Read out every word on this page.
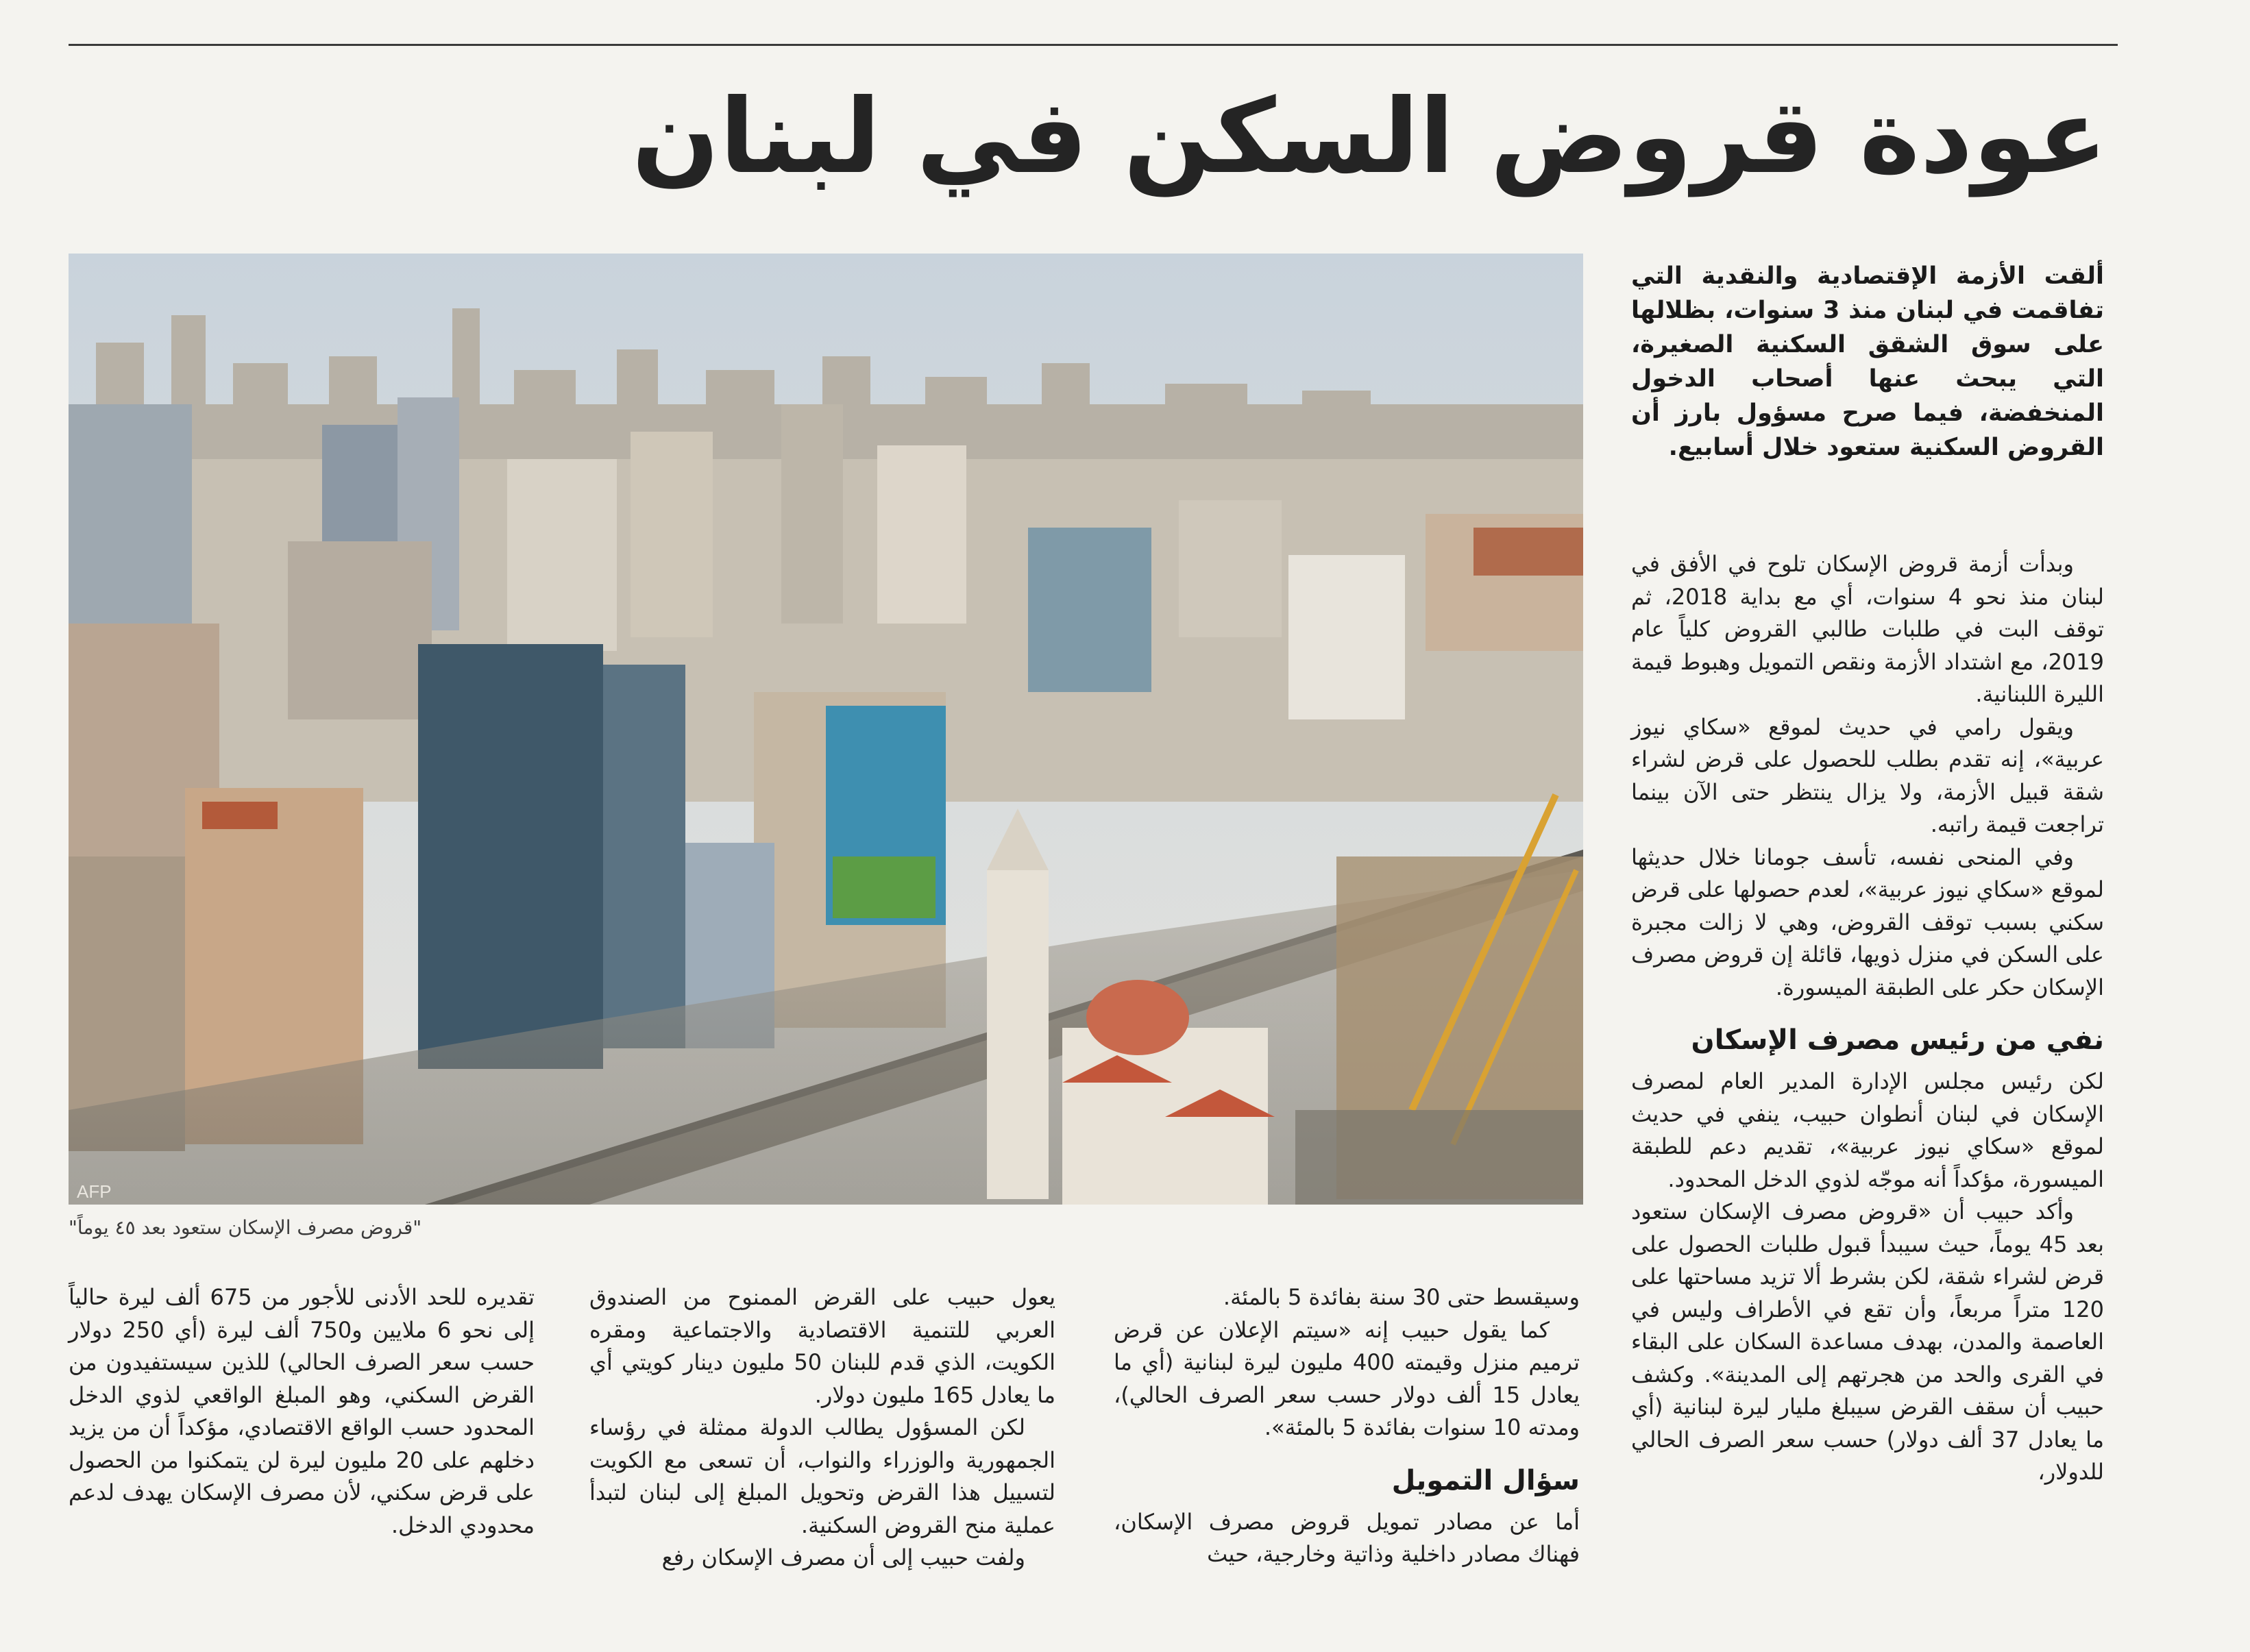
عودة قروض السكن في لبنان
AFP
"قروض مصرف الإسكان ستعود بعد ٤٥ يوماً"

ألقت الأزمة الإقتصادية والنقدية التي تفاقمت في لبنان منذ 3 سنوات، بظلالها على سوق الشقق السكنية الصغيرة، التي يبحث عنها أصحاب الدخول المنخفضة، فيما صرح مسؤول بارز أن القروض السكنية ستعود خلال أسابيع.

وبدأت أزمة قروض الإسكان تلوح في الأفق في لبنان منذ نحو 4 سنوات، أي مع بداية 2018، ثم توقف البت في طلبات طالبي القروض كلياً عام 2019، مع اشتداد الأزمة ونقص التمويل وهبوط قيمة الليرة اللبنانية.

ويقول رامي في حديث لموقع «سكاي نيوز عربية»، إنه تقدم بطلب للحصول على قرض لشراء شقة قبيل الأزمة، ولا يزال ينتظر حتى الآن بينما تراجعت قيمة راتبه.

وفي المنحى نفسه، تأسف جومانا خلال حديثها لموقع «سكاي نيوز عربية»، لعدم حصولها على قرض سكني بسبب توقف القروض، وهي لا زالت مجبرة على السكن في منزل ذويها، قائلة إن قروض مصرف الإسكان حكر على الطبقة الميسورة.

نفي من رئيس مصرف الإسكان

لكن رئيس مجلس الإدارة المدير العام لمصرف الإسكان في لبنان أنطوان حبيب، ينفي في حديث لموقع «سكاي نيوز عربية»، تقديم دعم للطبقة الميسورة، مؤكداً أنه موجّه لذوي الدخل المحدود.

وأكد حبيب أن «قروض مصرف الإسكان ستعود بعد 45 يوماً، حيث سيبدأ قبول طلبات الحصول على قرض لشراء شقة، لكن بشرط ألا تزيد مساحتها على 120 متراً مربعاً، وأن تقع في الأطراف وليس في العاصمة والمدن، بهدف مساعدة السكان على البقاء في القرى والحد من هجرتهم إلى المدينة». وكشف حبيب أن سقف القرض سيبلغ مليار ليرة لبنانية (أي ما يعادل 37 ألف دولار) حسب سعر الصرف الحالي للدولار،

وسيقسط حتى 30 سنة بفائدة 5 بالمئة.

كما يقول حبيب إنه «سيتم الإعلان عن قرض ترميم منزل وقيمته 400 مليون ليرة لبنانية (أي ما يعادل 15 ألف دولار حسب سعر الصرف الحالي)، ومدته 10 سنوات بفائدة 5 بالمئة».

سؤال التمويل

أما عن مصادر تمويل قروض مصرف الإسكان، فهناك مصادر داخلية وذاتية وخارجية، حيث

يعول حبيب على القرض الممنوح من الصندوق العربي للتنمية الاقتصادية والاجتماعية ومقره الكويت، الذي قدم للبنان 50 مليون دينار كويتي أي ما يعادل 165 مليون دولار.

لكن المسؤول يطالب الدولة ممثلة في رؤساء الجمهورية والوزراء والنواب، أن تسعى مع الكويت لتسييل هذا القرض وتحويل المبلغ إلى لبنان لتبدأ عملية منح القروض السكنية.

ولفت حبيب إلى أن مصرف الإسكان رفع

تقديره للحد الأدنى للأجور من 675 ألف ليرة حالياً إلى نحو 6 ملايين و750 ألف ليرة (أي 250 دولار حسب سعر الصرف الحالي) للذين سيستفيدون من القرض السكني، وهو المبلغ الواقعي لذوي الدخل المحدود حسب الواقع الاقتصادي، مؤكداً أن من يزيد دخلهم على 20 مليون ليرة لن يتمكنوا من الحصول على قرض سكني، لأن مصرف الإسكان يهدف لدعم محدودي الدخل.
